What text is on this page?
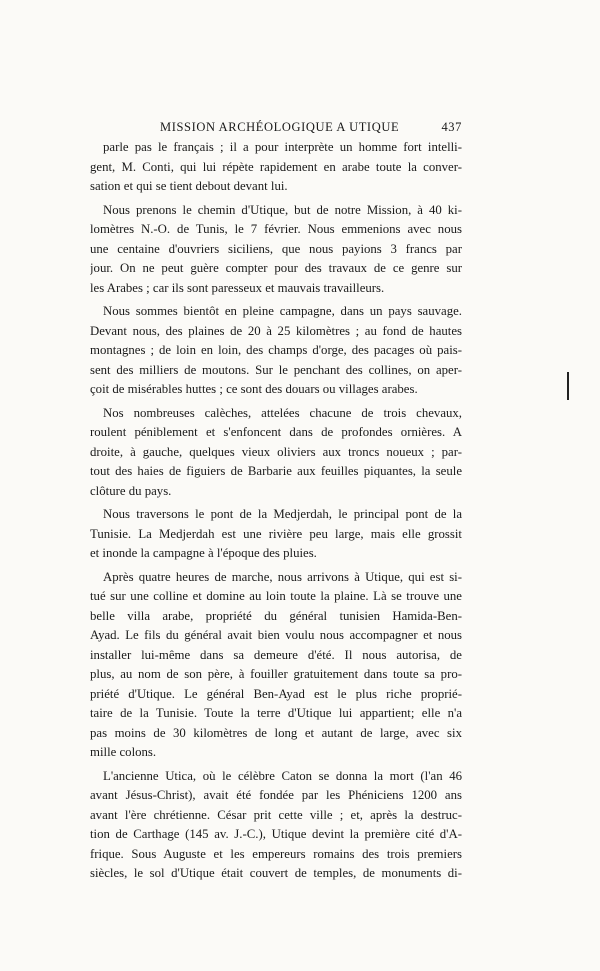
MISSION ARCHÉOLOGIQUE A UTIQUE	437
parle pas le français ; il a pour interprète un homme fort intelli-
gent, M. Conti, qui lui répète rapidement en arabe toute la conver-
sation et qui se tient debout devant lui.
Nous prenons le chemin d'Utique, but de notre Mission, à 40 ki-
lomètres N.-O. de Tunis, le 7 février. Nous emmenions avec nous
une centaine d'ouvriers siciliens, que nous payions 3 francs par
jour. On ne peut guère compter pour des travaux de ce genre sur
les Arabes ; car ils sont paresseux et mauvais travailleurs.
Nous sommes bientôt en pleine campagne, dans un pays sauvage.
Devant nous, des plaines de 20 à 25 kilomètres ; au fond de hautes
montagnes ; de loin en loin, des champs d'orge, des pacages où pais-
sent des milliers de moutons. Sur le penchant des collines, on aper-
çoit de misérables huttes ; ce sont des douars ou villages arabes.
Nos nombreuses calèches, attelées chacune de trois chevaux,
roulent péniblement et s'enfoncent dans de profondes ornières. A
droite, à gauche, quelques vieux oliviers aux troncs noueux ; par-
tout des haies de figuiers de Barbarie aux feuilles piquantes, la seule
clôture du pays.
Nous traversons le pont de la Medjerdah, le principal pont de la
Tunisie. La Medjerdah est une rivière peu large, mais elle grossit
et inonde la campagne à l'époque des pluies.
Après quatre heures de marche, nous arrivons à Utique, qui est si-
tué sur une colline et domine au loin toute la plaine. Là se trouve une
belle villa arabe, propriété du général tunisien Hamida-Ben-
Ayad. Le fils du général avait bien voulu nous accompagner et nous
installer lui-même dans sa demeure d'été. Il nous autorisa, de
plus, au nom de son père, à fouiller gratuitement dans toute sa pro-
priété d'Utique. Le général Ben-Ayad est le plus riche proprié-
taire de la Tunisie. Toute la terre d'Utique lui appartient; elle n'a
pas moins de 30 kilomètres de long et autant de large, avec six
mille colons.
L'ancienne Utica, où le célèbre Caton se donna la mort (l'an 46
avant Jésus-Christ), avait été fondée par les Phéniciens 1200 ans
avant l'ère chrétienne. César prit cette ville ; et, après la destruc-
tion de Carthage (145 av. J.-C.), Utique devint la première cité d'A-
frique. Sous Auguste et les empereurs romains des trois premiers
siècles, le sol d'Utique était couvert de temples, de monuments di-
